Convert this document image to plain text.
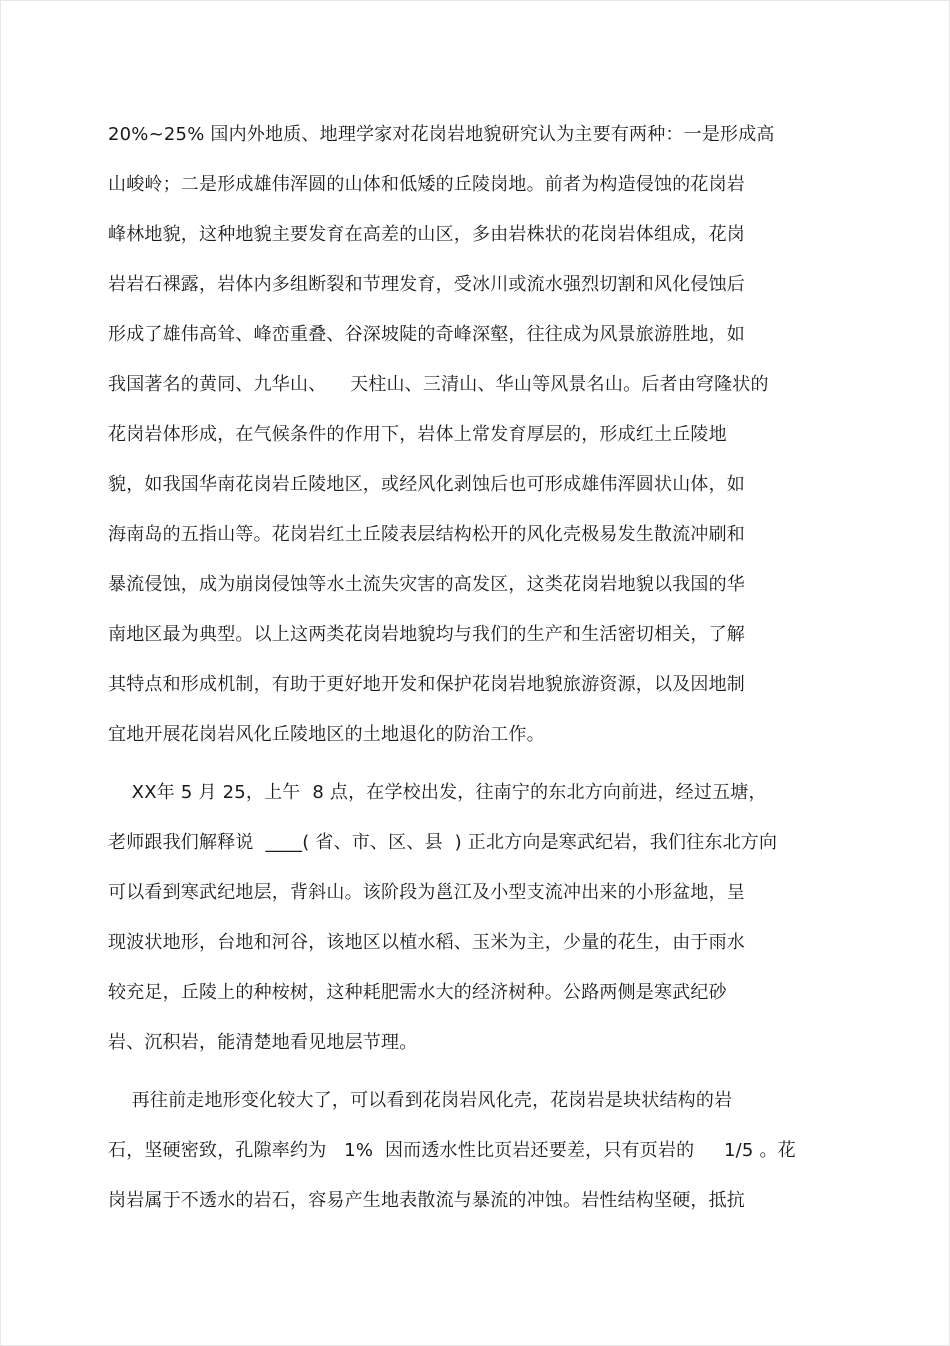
20%~25% 国内外地质、地理学家对花岗岩地貌研究认为主要有两种：一是形成高
山峻岭；二是形成雄伟浑圆的山体和低矮的丘陵岗地。前者为构造侵蚀的花岗岩
峰林地貌，这种地貌主要发育在高差的山区，多由岩株状的花岗岩体组成，花岗
岩岩石裸露，岩体内多组断裂和节理发育，受冰川或流水强烈切割和风化侵蚀后
形成了雄伟高耸、峰峦重叠、谷深坡陡的奇峰深壑，往往成为风景旅游胜地，如
我国著名的黄同、九华山、    天柱山、三清山、华山等风景名山。后者由穹隆状的
花岗岩体形成，在气候条件的作用下，岩体上常发育厚层的，形成红土丘陵地
貌，如我国华南花岗岩丘陵地区，或经风化剥蚀后也可形成雄伟浑圆状山体，如
海南岛的五指山等。花岗岩红土丘陵表层结构松开的风化壳极易发生散流冲刷和
暴流侵蚀，成为崩岗侵蚀等水土流失灾害的高发区，这类花岗岩地貌以我国的华
南地区最为典型。以上这两类花岗岩地貌均与我们的生产和生活密切相关，了解
其特点和形成机制，有助于更好地开发和保护花岗岩地貌旅游资源，以及因地制
宜地开展花岗岩风化丘陵地区的土地退化的防治工作。
XX年 5 月 25，上午  8 点，在学校出发，往南宁的东北方向前进，经过五塘，
老师跟我们解释说  ____( 省、市、区、县  ) 正北方向是寒武纪岩，我们往东北方向
可以看到寒武纪地层，背斜山。该阶段为邕江及小型支流冲出来的小形盆地，呈
现波状地形，台地和河谷，该地区以植水稻、玉米为主，少量的花生，由于雨水
较充足，丘陵上的种桉树，这种耗肥需水大的经济树种。公路两侧是寒武纪砂
岩、沉积岩，能清楚地看见地层节理。
再往前走地形变化较大了，可以看到花岗岩风化壳，花岗岩是块状结构的岩
石，坚硬密致，孔隙率约为   1%  因而透水性比页岩还要差，只有页岩的     1/5 。花
岗岩属于不透水的岩石，容易产生地表散流与暴流的冲蚀。岩性结构坚硬，抵抗
